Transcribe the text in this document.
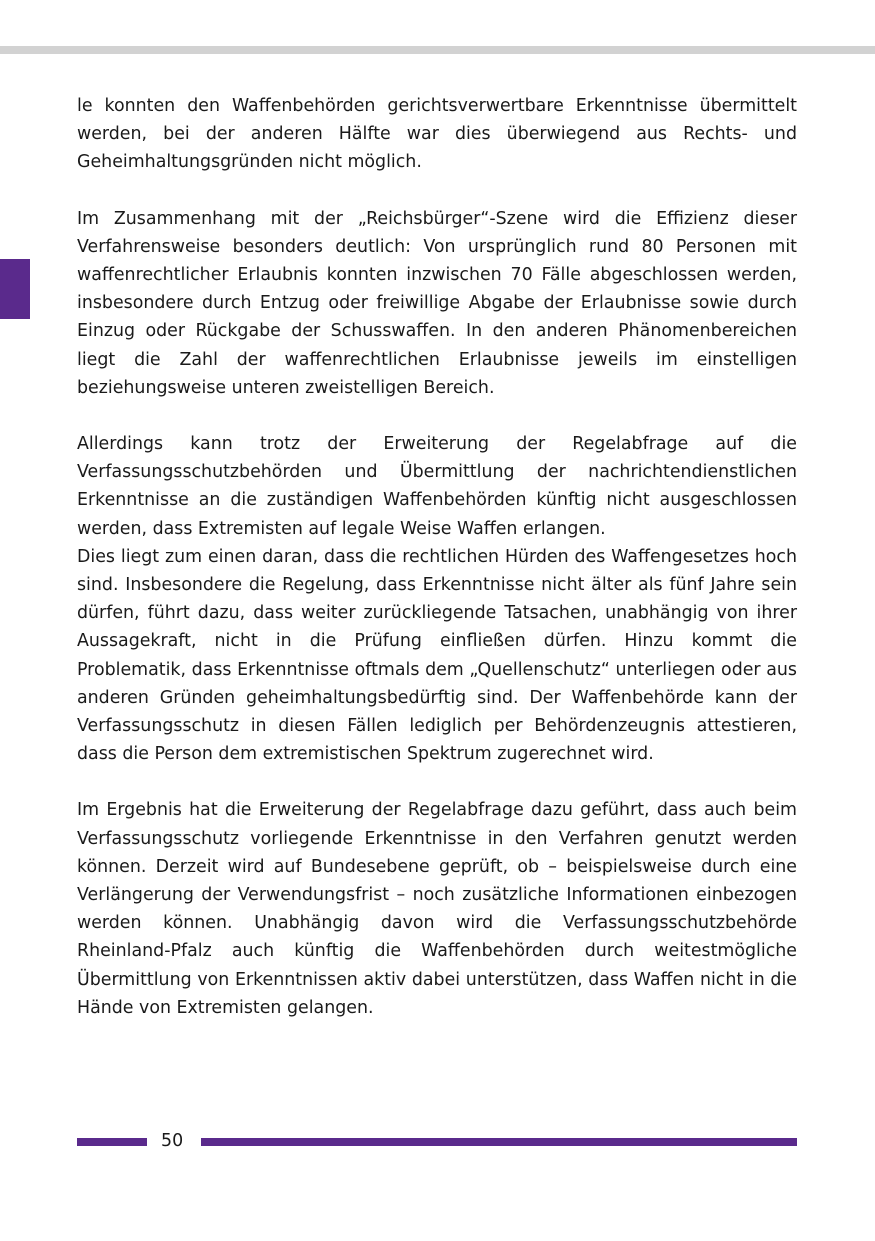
le konnten den Waffenbehörden gerichtsverwertbare Erkenntnisse übermittelt werden, bei der anderen Hälfte war dies überwiegend aus Rechts- und Geheimhaltungsgründen nicht möglich.

Im Zusammenhang mit der „Reichsbürger“-Szene wird die Effizienz dieser Verfahrensweise besonders deutlich: Von ursprünglich rund 80 Personen mit waffenrechtlicher Erlaubnis konnten inzwischen 70 Fälle abgeschlossen werden, insbesondere durch Entzug oder freiwillige Abgabe der Erlaubnisse sowie durch Einzug oder Rückgabe der Schusswaffen. In den anderen Phänomenbereichen liegt die Zahl der waffenrechtlichen Erlaubnisse jeweils im einstelligen beziehungsweise unteren zweistelligen Bereich.

Allerdings kann trotz der Erweiterung der Regelabfrage auf die Verfassungsschutzbehörden und Übermittlung der nachrichtendienstlichen Erkenntnisse an die zuständigen Waffenbehörden künftig nicht ausgeschlossen werden, dass Extremisten auf legale Weise Waffen erlangen.

Dies liegt zum einen daran, dass die rechtlichen Hürden des Waffengesetzes hoch sind. Insbesondere die Regelung, dass Erkenntnisse nicht älter als fünf Jahre sein dürfen, führt dazu, dass weiter zurückliegende Tatsachen, unabhängig von ihrer Aussagekraft, nicht in die Prüfung einfließen dürfen. Hinzu kommt die Problematik, dass Erkenntnisse oftmals dem „Quellenschutz“ unterliegen oder aus anderen Gründen geheimhaltungsbedürftig sind. Der Waffenbehörde kann der Verfassungsschutz in diesen Fällen lediglich per Behördenzeugnis attestieren, dass die Person dem extremistischen Spektrum zugerechnet wird.

Im Ergebnis hat die Erweiterung der Regelabfrage dazu geführt, dass auch beim Verfassungsschutz vorliegende Erkenntnisse in den Verfahren genutzt werden können. Derzeit wird auf Bundesebene geprüft, ob – beispielsweise durch eine Verlängerung der Verwendungsfrist – noch zusätzliche Informationen einbezogen werden können. Unabhängig davon wird die Verfassungsschutzbehörde Rheinland-Pfalz auch künftig die Waffenbehörden durch weitestmögliche Übermittlung von Erkenntnissen aktiv dabei unterstützen, dass Waffen nicht in die Hände von Extremisten gelangen.

50
